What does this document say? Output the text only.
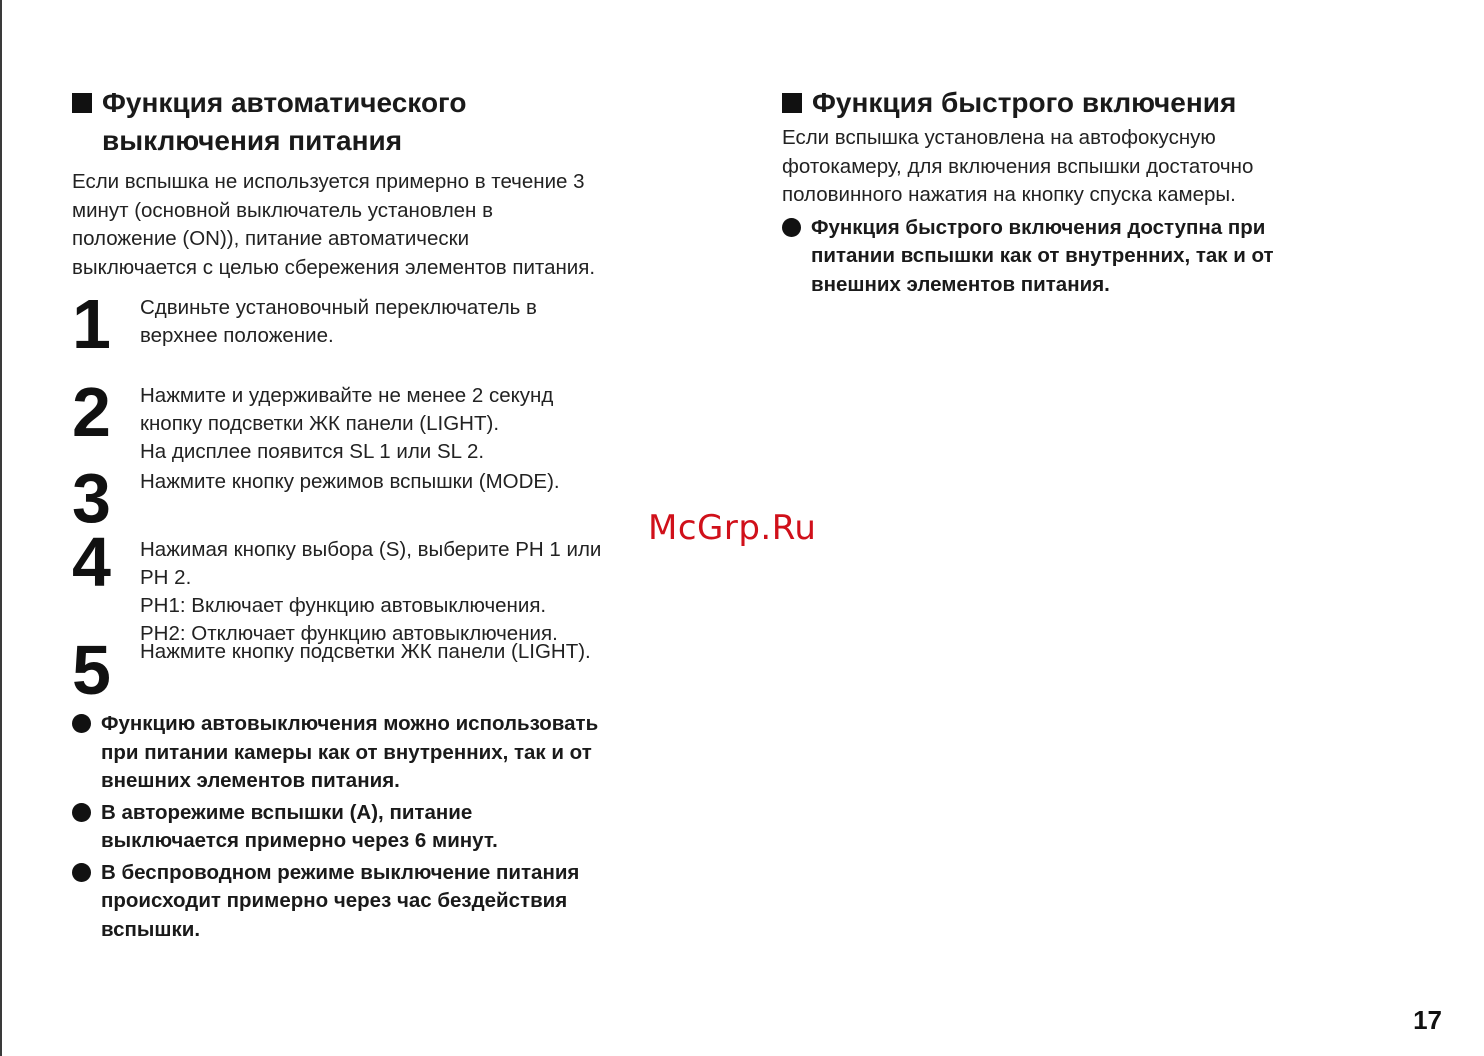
Функция автоматического
выключения питания
Если вспышка не используется примерно в течение 3
минут (основной выключатель установлен в
положение (ON)), питание автоматически
выключается с целью сбережения элементов питания.
1	Сдвиньте установочный переключатель в
верхнее положение.
2	Нажмите и удерживайте не менее 2 секунд
кнопку подсветки ЖК панели (LIGHT).
На дисплее появится SL 1 или SL 2.
3	Нажмите кнопку режимов вспышки (MODE).
4	Нажимая кнопку выбора (S), выберите PH 1 или
PH 2.
PH1: Включает функцию автовыключения.
PH2: Отключает функцию автовыключения.
5	Нажмите кнопку подсветки ЖК панели (LIGHT).
Функцию автовыключения можно использовать
при питании камеры как от внутренних, так и от
внешних элементов питания.
В авторежиме вспышки (А), питание
выключается примерно через 6 минут.
В беспроводном режиме выключение питания
происходит примерно через час бездействия
вспышки.
Функция быстрого включения
Если вспышка установлена на автофокусную
фотокамеру, для включения вспышки достаточно
половинного нажатия на кнопку спуска камеры.
Функция быстрого включения доступна при
питании вспышки как от внутренних, так и от
внешних элементов питания.
McGrp.Ru
17
